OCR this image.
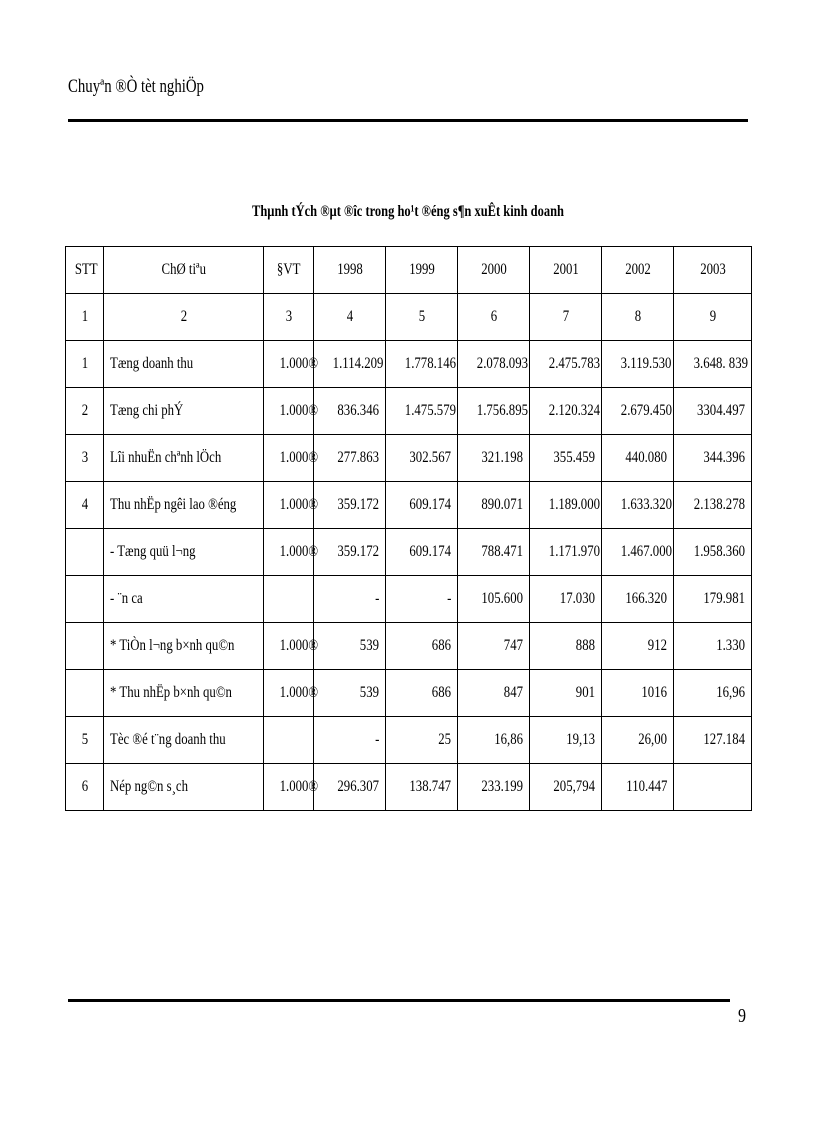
Chuyªn ®Ò tèt nghiÖp
Thµnh tÝch ®µt ®îc trong ho¹t ®éng s¶n xuÊt kinh doanh
STT	ChØ tiªu	§VT	1998	1999	2000	2001	2002	2003
1	2	3	4	5	6	7	8	9
1	Tæng doanh thu	1.000®	1.114.209	1.778.146	2.078.093	2.475.783	3.119.530	3.648. 839
2	Tæng chi phÝ	1.000®	836.346	1.475.579	1.756.895	2.120.324	2.679.450	3304.497
3	Lîi nhuËn chªnh lÖch	1.000®	277.863	302.567	321.198	355.459	440.080	344.396
4	Thu nhËp ngêi lao ®éng	1.000®	359.172	609.174	890.071	1.189.000	1.633.320	2.138.278
	- Tæng quü l¬ng	1.000®	359.172	609.174	788.471	1.171.970	1.467.000	1.958.360
	- ¨n ca		-	-	105.600	17.030	166.320	179.981
	* TiÒn l¬ng b×nh qu©n	1.000®	539	686	747	888	912	1.330
	* Thu nhËp b×nh qu©n	1.000®	539	686	847	901	1016	16,96
5	Tèc ®é t¨ng doanh thu		-	25	16,86	19,13	26,00	127.184
6	Nép ng©n s¸ch	1.000®	296.307	138.747	233.199	205,794	110.447	
9
